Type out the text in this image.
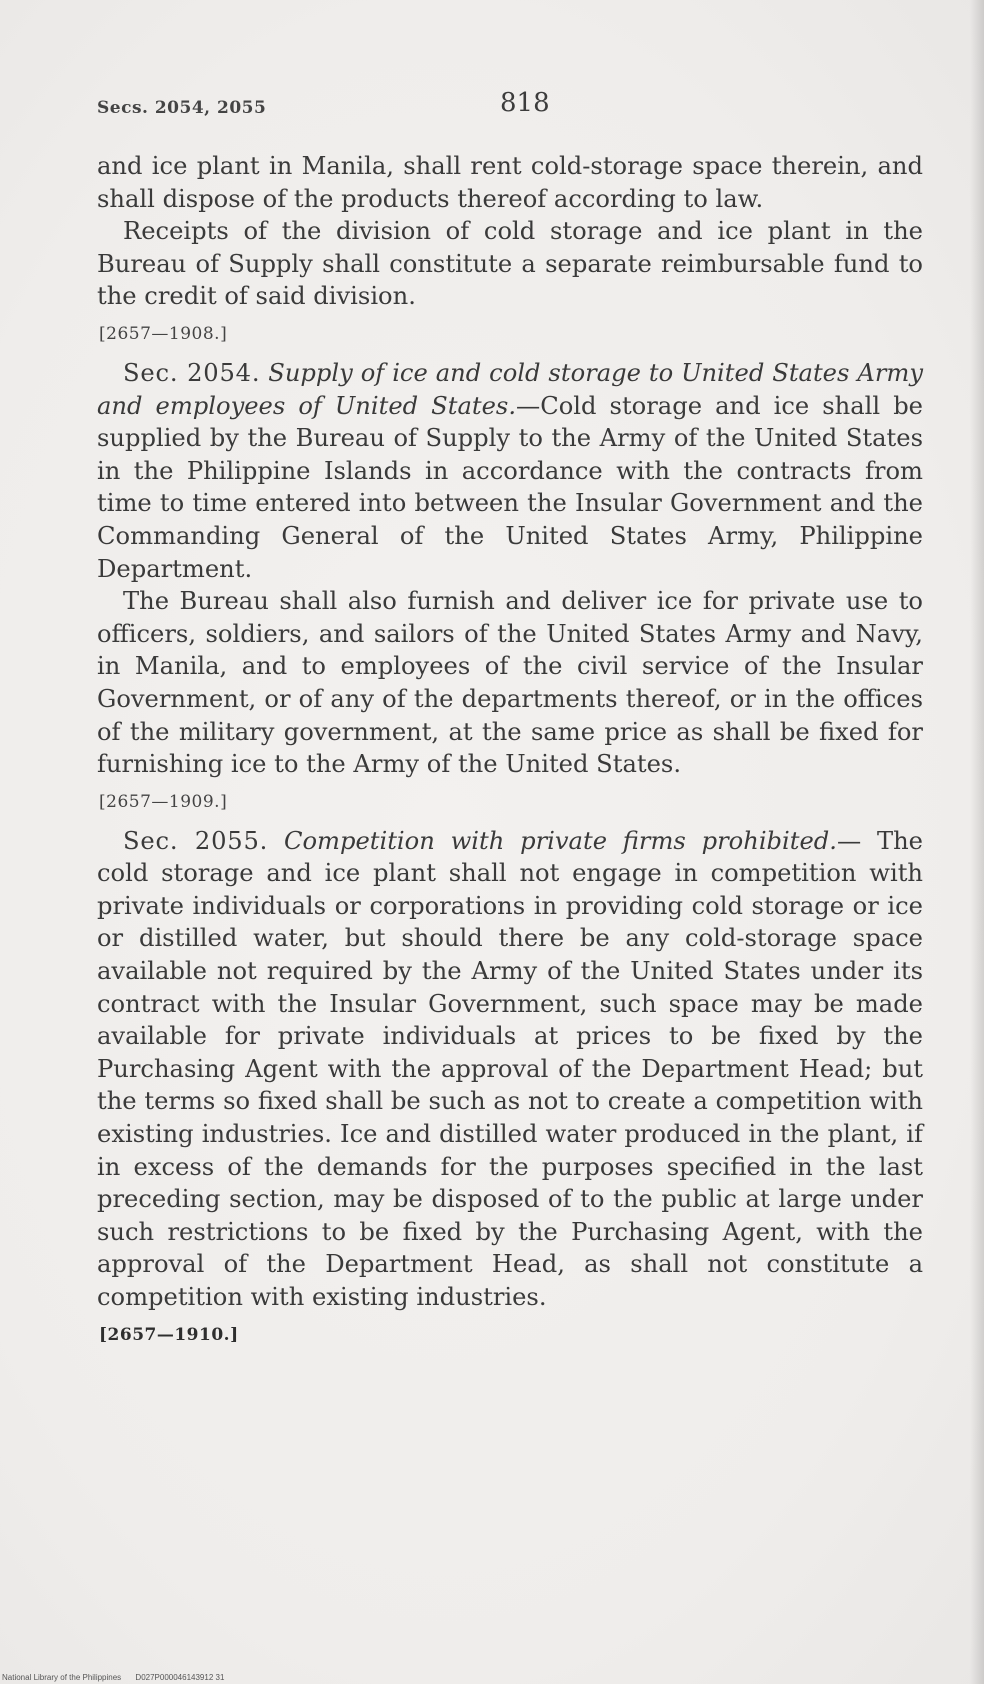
Secs. 2054, 2055	818

and ice plant in Manila, shall rent cold-storage space therein, and shall dispose of the products thereof according to law.

Receipts of the division of cold storage and ice plant in the Bureau of Supply shall constitute a separate reimbursable fund to the credit of said division.

[2657—1908.]

Sec. 2054. Supply of ice and cold storage to United States Army and employees of United States.—Cold storage and ice shall be supplied by the Bureau of Supply to the Army of the United States in the Philippine Islands in accordance with the contracts from time to time entered into between the Insular Government and the Commanding General of the United States Army, Philippine Department.

The Bureau shall also furnish and deliver ice for private use to officers, soldiers, and sailors of the United States Army and Navy, in Manila, and to employees of the civil service of the Insular Government, or of any of the departments thereof, or in the offices of the military government, at the same price as shall be fixed for furnishing ice to the Army of the United States.

[2657—1909.]

Sec. 2055. Competition with private firms prohibited.— The cold storage and ice plant shall not engage in competition with private individuals or corporations in providing cold storage or ice or distilled water, but should there be any cold-storage space available not required by the Army of the United States under its contract with the Insular Government, such space may be made available for private individuals at prices to be fixed by the Purchasing Agent with the approval of the Department Head; but the terms so fixed shall be such as not to create a competition with existing industries. Ice and distilled water produced in the plant, if in excess of the demands for the purposes specified in the last preceding section, may be disposed of to the public at large under such restrictions to be fixed by the Purchasing Agent, with the approval of the Department Head, as shall not constitute a competition with existing industries.

[2657—1910.]
National Library of the Philippines D027P000046143912 31
